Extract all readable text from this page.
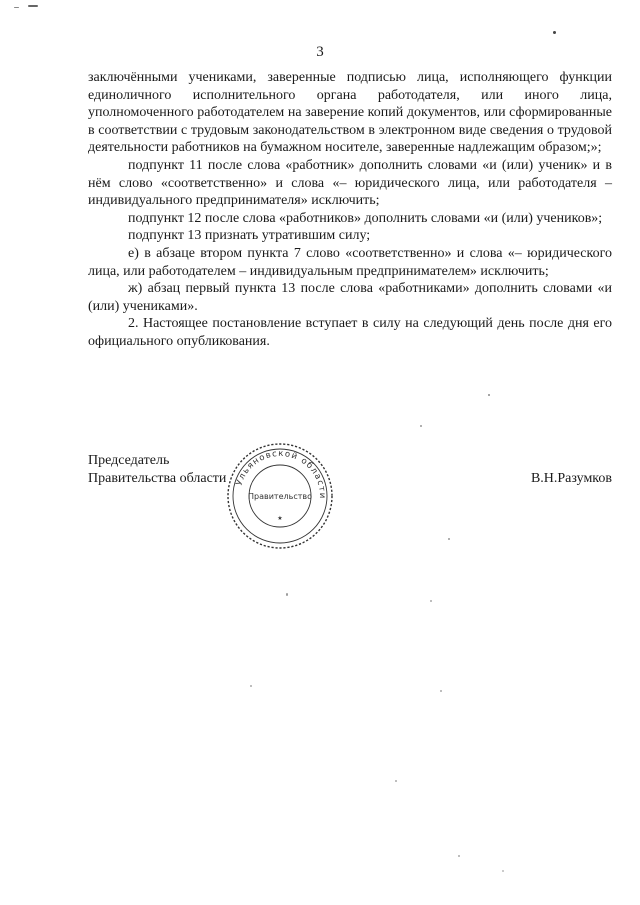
3

заключёнными учениками, заверенные подписью лица, исполняющего функции единоличного исполнительного органа работодателя, или иного лица, уполномоченного работодателем на заверение копий документов, или сформированные в соответствии с трудовым законодательством в электронном виде сведения о трудовой деятельности работников на бумажном носителе, заверенные надлежащим образом;»;

подпункт 11 после слова «работник» дополнить словами «и (или) ученик» и в нём слово «соответственно» и слова «– юридического лица, или работодателя – индивидуального предпринимателя» исключить;

подпункт 12 после слова «работников» дополнить словами «и (или) учеников»;

подпункт 13 признать утратившим силу;

е) в абзаце втором пункта 7 слово «соответственно» и слова «– юридического лица, или работодателем – индивидуальным предпринимателем» исключить;

ж) абзац первый пункта 13 после слова «работниками» дополнить словами «и (или) учениками».

2. Настоящее постановление вступает в силу на следующий день после дня его официального опубликования.

Председатель
Правительства области	В.Н.Разумков
Ульяновской области
Правительство
★
